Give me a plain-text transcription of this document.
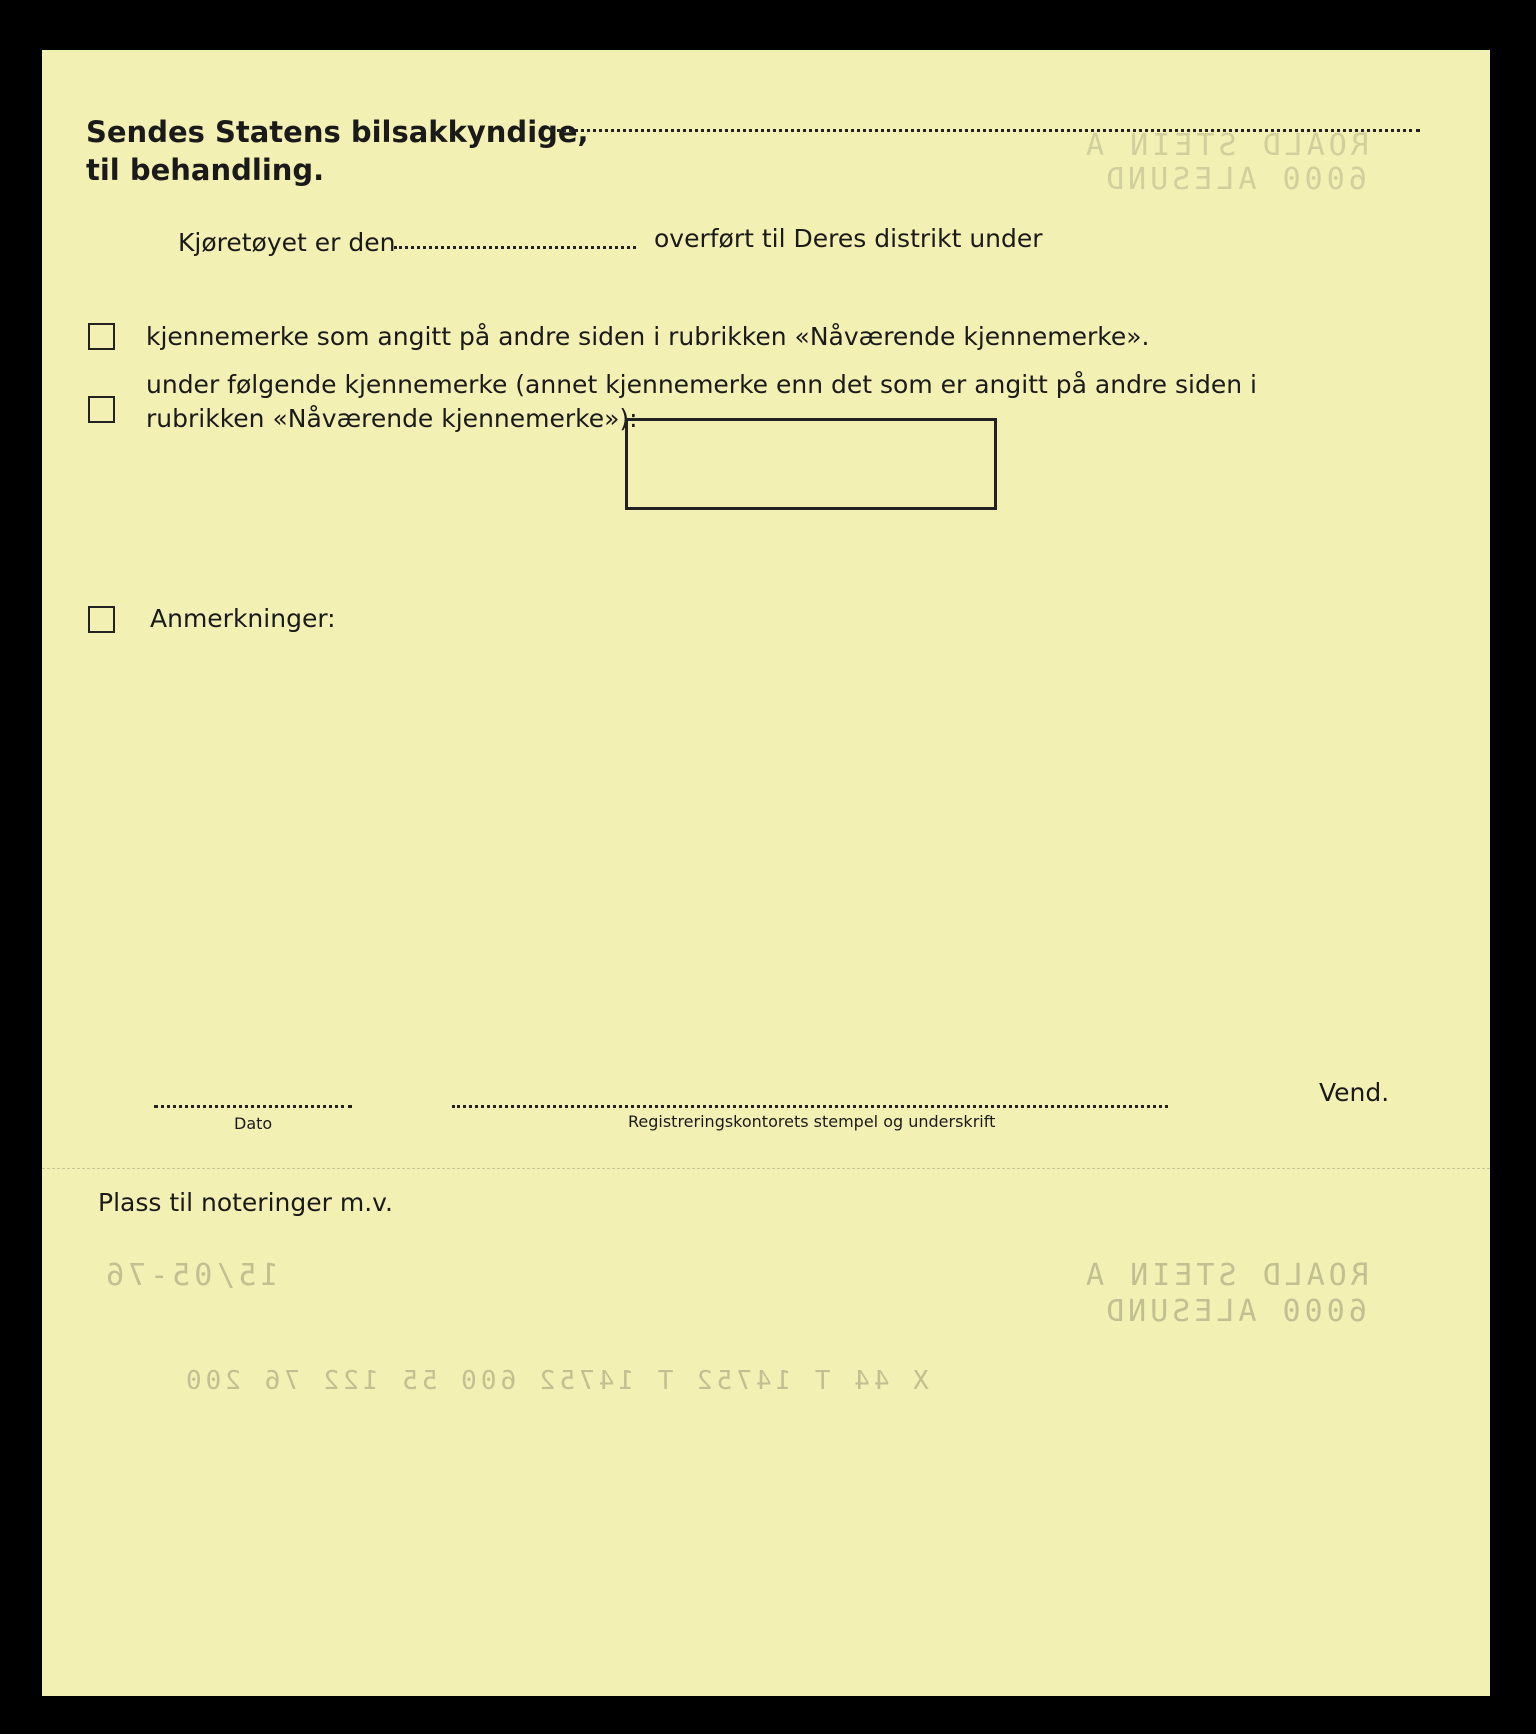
ROALD STEIN A
6000 ALESUND
ROALD STEIN A
6000 ALESUND
15/05-76
X 44 T 14752 T 14752 600 55 122 76 200
Sendes Statens bilsakkyndige,
til behandling.
Kjøretøyet er den	overført til Deres distrikt under
kjennemerke som angitt på andre siden i rubrikken «Nåværende kjennemerke».
under følgende kjennemerke (annet kjennemerke enn det som er angitt på andre siden i
rubrikken «Nåværende kjennemerke»):
Anmerkninger:
Dato	Registreringskontorets stempel og underskrift
Vend.
Plass til noteringer m.v.
